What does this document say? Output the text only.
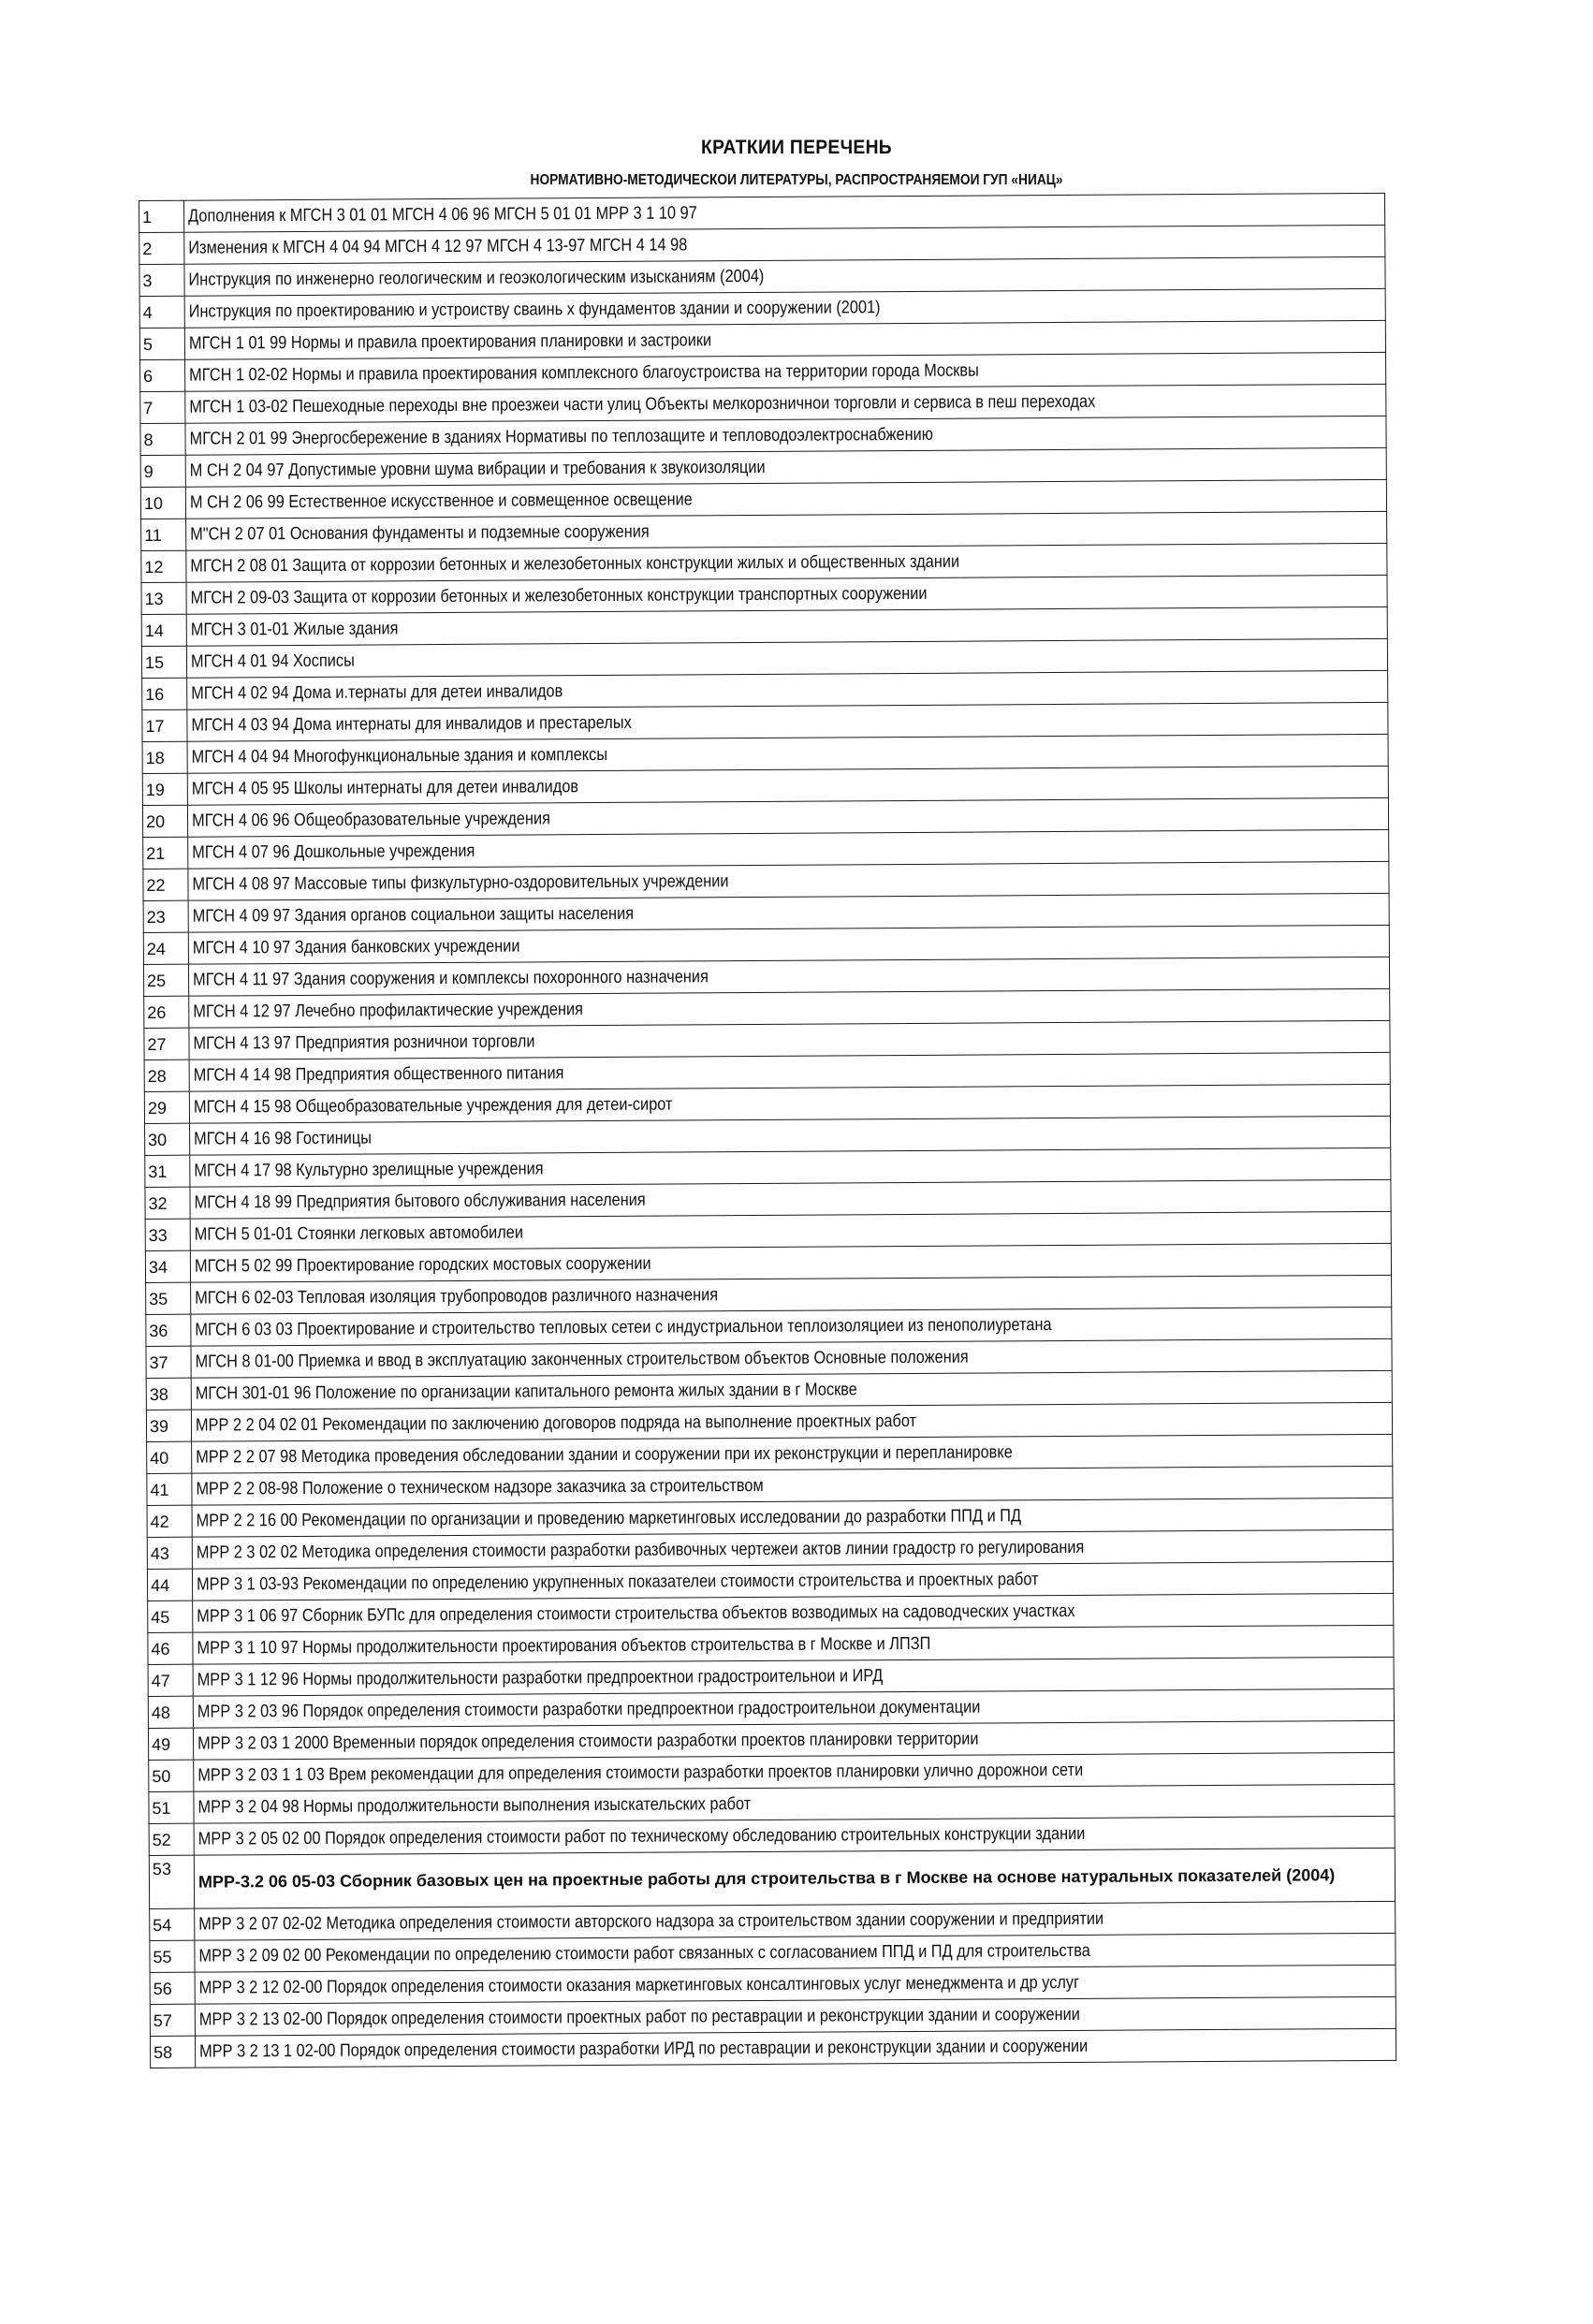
КРАТКИИ ПЕРЕЧЕНЬ
НОРМАТИВНО-МЕТОДИЧЕСКОИ ЛИТЕРАТУРЫ, РАСПРОСТРАНЯЕМОИ ГУП «НИАЦ»
1	Дополнения к МГСН 3 01 01 МГСН 4 06 96 МГСН 5 01 01 МРР 3 1 10 97
2	Изменения к МГСН 4 04 94 МГСН 4 12 97 МГСН 4 13-97 МГСН 4 14 98
3	Инструкция по инженерно геологическим и геоэкологическим изысканиям (2004)
4	Инструкция по проектированию и устроиству сваинь х фундаментов здании и сооружении (2001)
5	МГСН 1 01 99 Нормы и правила проектирования планировки и застроики
6	МГСН 1 02-02 Нормы и правила проектирования комплексного благоустроиства на территории города Москвы
7	МГСН 1 03-02 Пешеходные переходы вне проезжеи части улиц Объекты мелкорозничнои торговли и сервиса в пеш переходах
8	МГСН 2 01 99 Энергосбережение в зданиях Нормативы по теплозащите и тепловодоэлектроснабжению
9	М СН 2 04 97 Допустимые уровни шума вибрации и требования к звукоизоляции
10	М СН 2 06 99 Естественное искусственное и совмещенное освещение
11	М"СН 2 07 01 Основания фундаменты и подземные сооружения
12	МГСН 2 08 01 Защита от коррозии бетонных и железобетонных конструкции жилых и общественных здании
13	МГСН 2 09-03 Защита от коррозии бетонных и железобетонных конструкции транспортных сооружении
14	МГСН 3 01-01 Жилые здания
15	МГСН 4 01 94 Хосписы
16	МГСН 4 02 94 Дома и.тернаты для детеи инвалидов
17	МГСН 4 03 94 Дома интернаты для инвалидов и престарелых
18	МГСН 4 04 94 Многофункциональные здания и комплексы
19	МГСН 4 05 95 Школы интернаты для детеи инвалидов
20	МГСН 4 06 96 Общеобразовательные учреждения
21	МГСН 4 07 96 Дошкольные учреждения
22	МГСН 4 08 97 Массовые типы физкультурно-оздоровительных учреждении
23	МГСН 4 09 97 Здания органов социальнои защиты населения
24	МГСН 4 10 97 Здания банковских учреждении
25	МГСН 4 11 97 Здания сооружения и комплексы похоронного назначения
26	МГСН 4 12 97 Лечебно профилактические учреждения
27	МГСН 4 13 97 Предприятия розничнои торговли
28	МГСН 4 14 98 Предприятия общественного питания
29	МГСН 4 15 98 Общеобразовательные учреждения для детеи-сирот
30	МГСН 4 16 98 Гостиницы
31	МГСН 4 17 98 Культурно зрелищные учреждения
32	МГСН 4 18 99 Предприятия бытового обслуживания населения
33	МГСН 5 01-01 Стоянки легковых автомобилеи
34	МГСН 5 02 99 Проектирование городских мостовых сооружении
35	МГСН 6 02-03 Тепловая изоляция трубопроводов различного назначения
36	МГСН 6 03 03 Проектирование и строительство тепловых сетеи с индустриальнои теплоизоляциеи из пенополиуретана
37	МГСН 8 01-00 Приемка и ввод в эксплуатацию законченных строительством объектов Основные положения
38	МГСН 301-01 96 Положение по организации капитального ремонта жилых здании в г Москве
39	МРР 2 2 04 02 01 Рекомендации по заключению договоров подряда на выполнение проектных работ
40	МРР 2 2 07 98 Методика проведения обследовании здании и сооружении при их реконструкции и перепланировке
41	МРР 2 2 08-98 Положение о техническом надзоре заказчика за строительством
42	МРР 2 2 16 00 Рекомендации по организации и проведению маркетинговых исследовании до разработки ППД и ПД
43	МРР 2 3 02 02 Методика определения стоимости разработки разбивочных чертежеи актов линии градостр го регулирования
44	МРР 3 1 03-93 Рекомендации по определению укрупненных показателеи стоимости строительства и проектных работ
45	МРР 3 1 06 97 Сборник БУПс для определения стоимости строительства объектов возводимых на садоводческих участках
46	МРР 3 1 10 97 Нормы продолжительности проектирования объектов строительства в г Москве и ЛПЗП
47	МРР 3 1 12 96 Нормы продолжительности разработки предпроектнои градостроительнои и ИРД
48	МРР 3 2 03 96 Порядок определения стоимости разработки предпроектнои градостроительнои документации
49	МРР 3 2 03 1 2000 Временныи порядок определения стоимости разработки проектов планировки территории
50	МРР 3 2 03 1 1 03 Врем рекомендации для определения стоимости разработки проектов планировки улично дорожнои сети
51	МРР 3 2 04 98 Нормы продолжительности выполнения изыскательских работ
52	МРР 3 2 05 02 00 Порядок определения стоимости работ по техническому обследованию строительных конструкции здании
53	МРР-3.2 06 05-03 Сборник базовых цен на проектные работы для строительства в г Москве на основе натуральных показателей (2004)

54	МРР 3 2 07 02-02 Методика определения стоимости авторского надзора за строительством здании сооружении и предприятии
55	МРР 3 2 09 02 00 Рекомендации по определению стоимости работ связанных с согласованием ППД и ПД для строительства
56	МРР 3 2 12 02-00 Порядок определения стоимости оказания маркетинговых консалтинговых услуг менеджмента и др услуг
57	МРР 3 2 13 02-00 Порядок определения стоимости проектных работ по реставрации и реконструкции здании и сооружении
58	МРР 3 2 13 1 02-00 Порядок определения стоимости разработки ИРД по реставрации и реконструкции здании и сооружении
